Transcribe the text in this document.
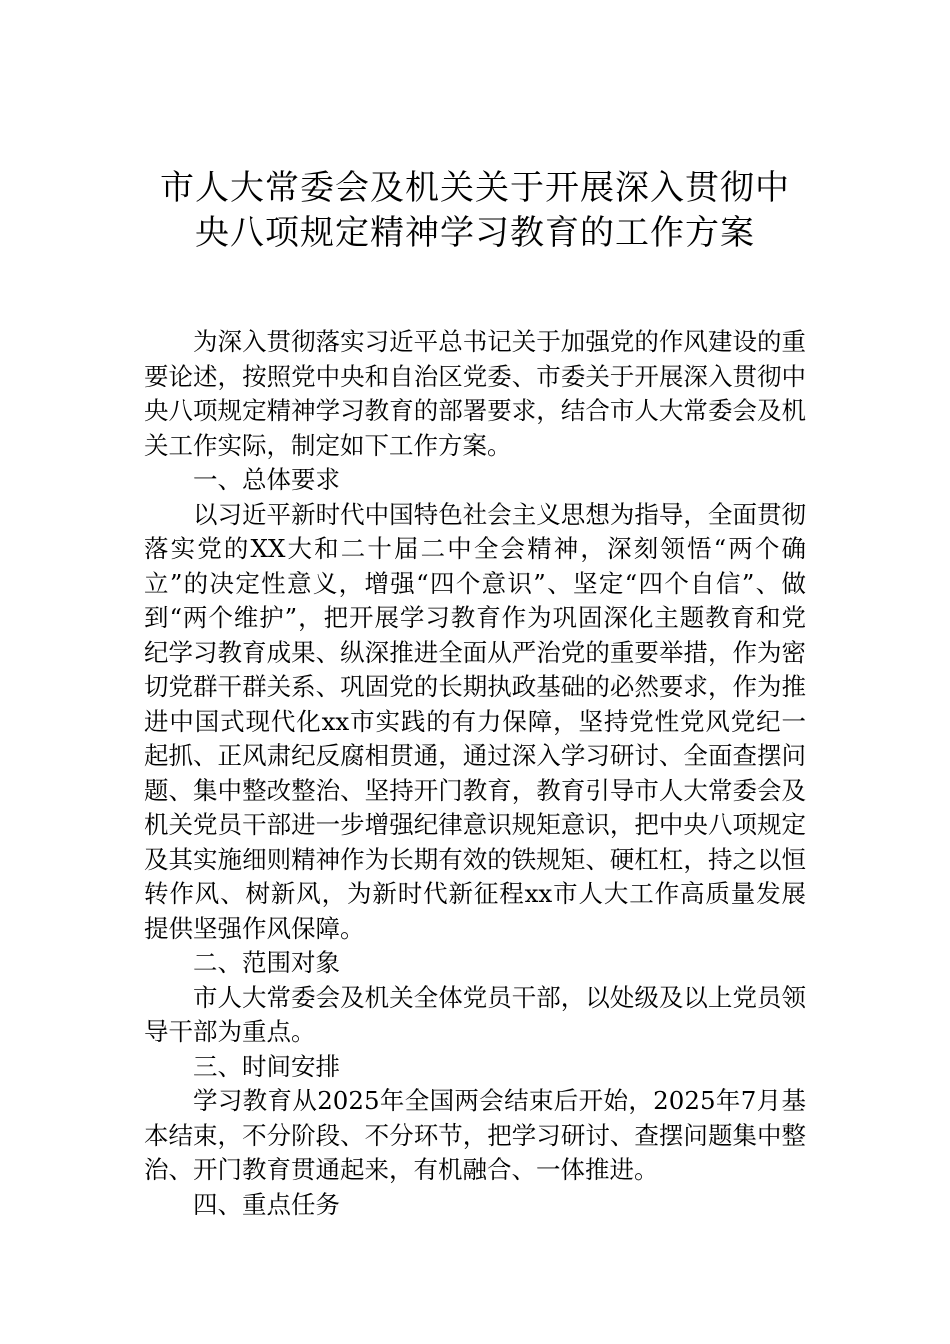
市人大常委会及机关关于开展深入贯彻中
央八项规定精神学习教育的工作方案

为深入贯彻落实习近平总书记关于加强党的作风建设的重要论述，按照党中央和自治区党委、市委关于开展深入贯彻中央八项规定精神学习教育的部署要求，结合市人大常委会及机关工作实际，制定如下工作方案。

一、总体要求

以习近平新时代中国特色社会主义思想为指导，全面贯彻落实党的XX大和二十届二中全会精神，深刻领悟“两个确立”的决定性意义，增强“四个意识”、坚定“四个自信”、做到“两个维护”，把开展学习教育作为巩固深化主题教育和党纪学习教育成果、纵深推进全面从严治党的重要举措，作为密切党群干群关系、巩固党的长期执政基础的必然要求，作为推进中国式现代化xx市实践的有力保障，坚持党性党风党纪一起抓、正风肃纪反腐相贯通，通过深入学习研讨、全面查摆问题、集中整改整治、坚持开门教育，教育引导市人大常委会及机关党员干部进一步增强纪律意识规矩意识，把中央八项规定及其实施细则精神作为长期有效的铁规矩、硬杠杠，持之以恒转作风、树新风，为新时代新征程xx市人大工作高质量发展提供坚强作风保障。

二、范围对象

市人大常委会及机关全体党员干部，以处级及以上党员领导干部为重点。

三、时间安排

学习教育从2025年全国两会结束后开始，2025年7月基本结束，不分阶段、不分环节，把学习研讨、查摆问题集中整治、开门教育贯通起来，有机融合、一体推进。

四、重点任务
